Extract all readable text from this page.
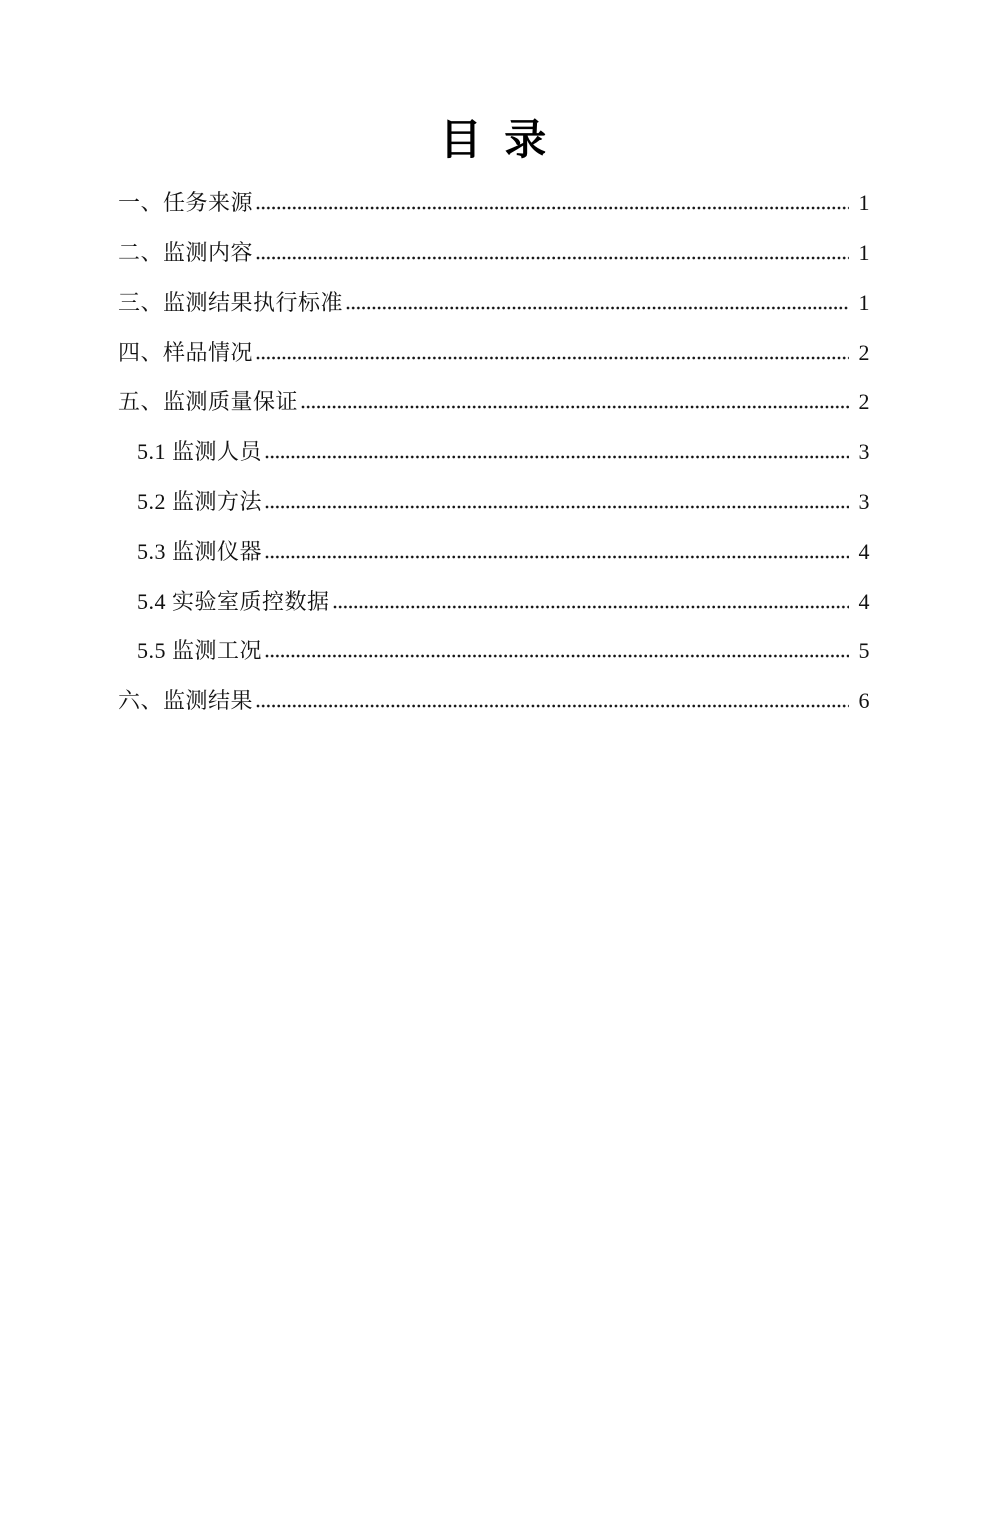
目 录
一、任务来源	1
二、监测内容	1
三、监测结果执行标准	1
四、样品情况	2
五、监测质量保证	2
5.1 监测人员	3
5.2 监测方法	3
5.3 监测仪器	4
5.4 实验室质控数据	4
5.5 监测工况	5
六、监测结果	6
